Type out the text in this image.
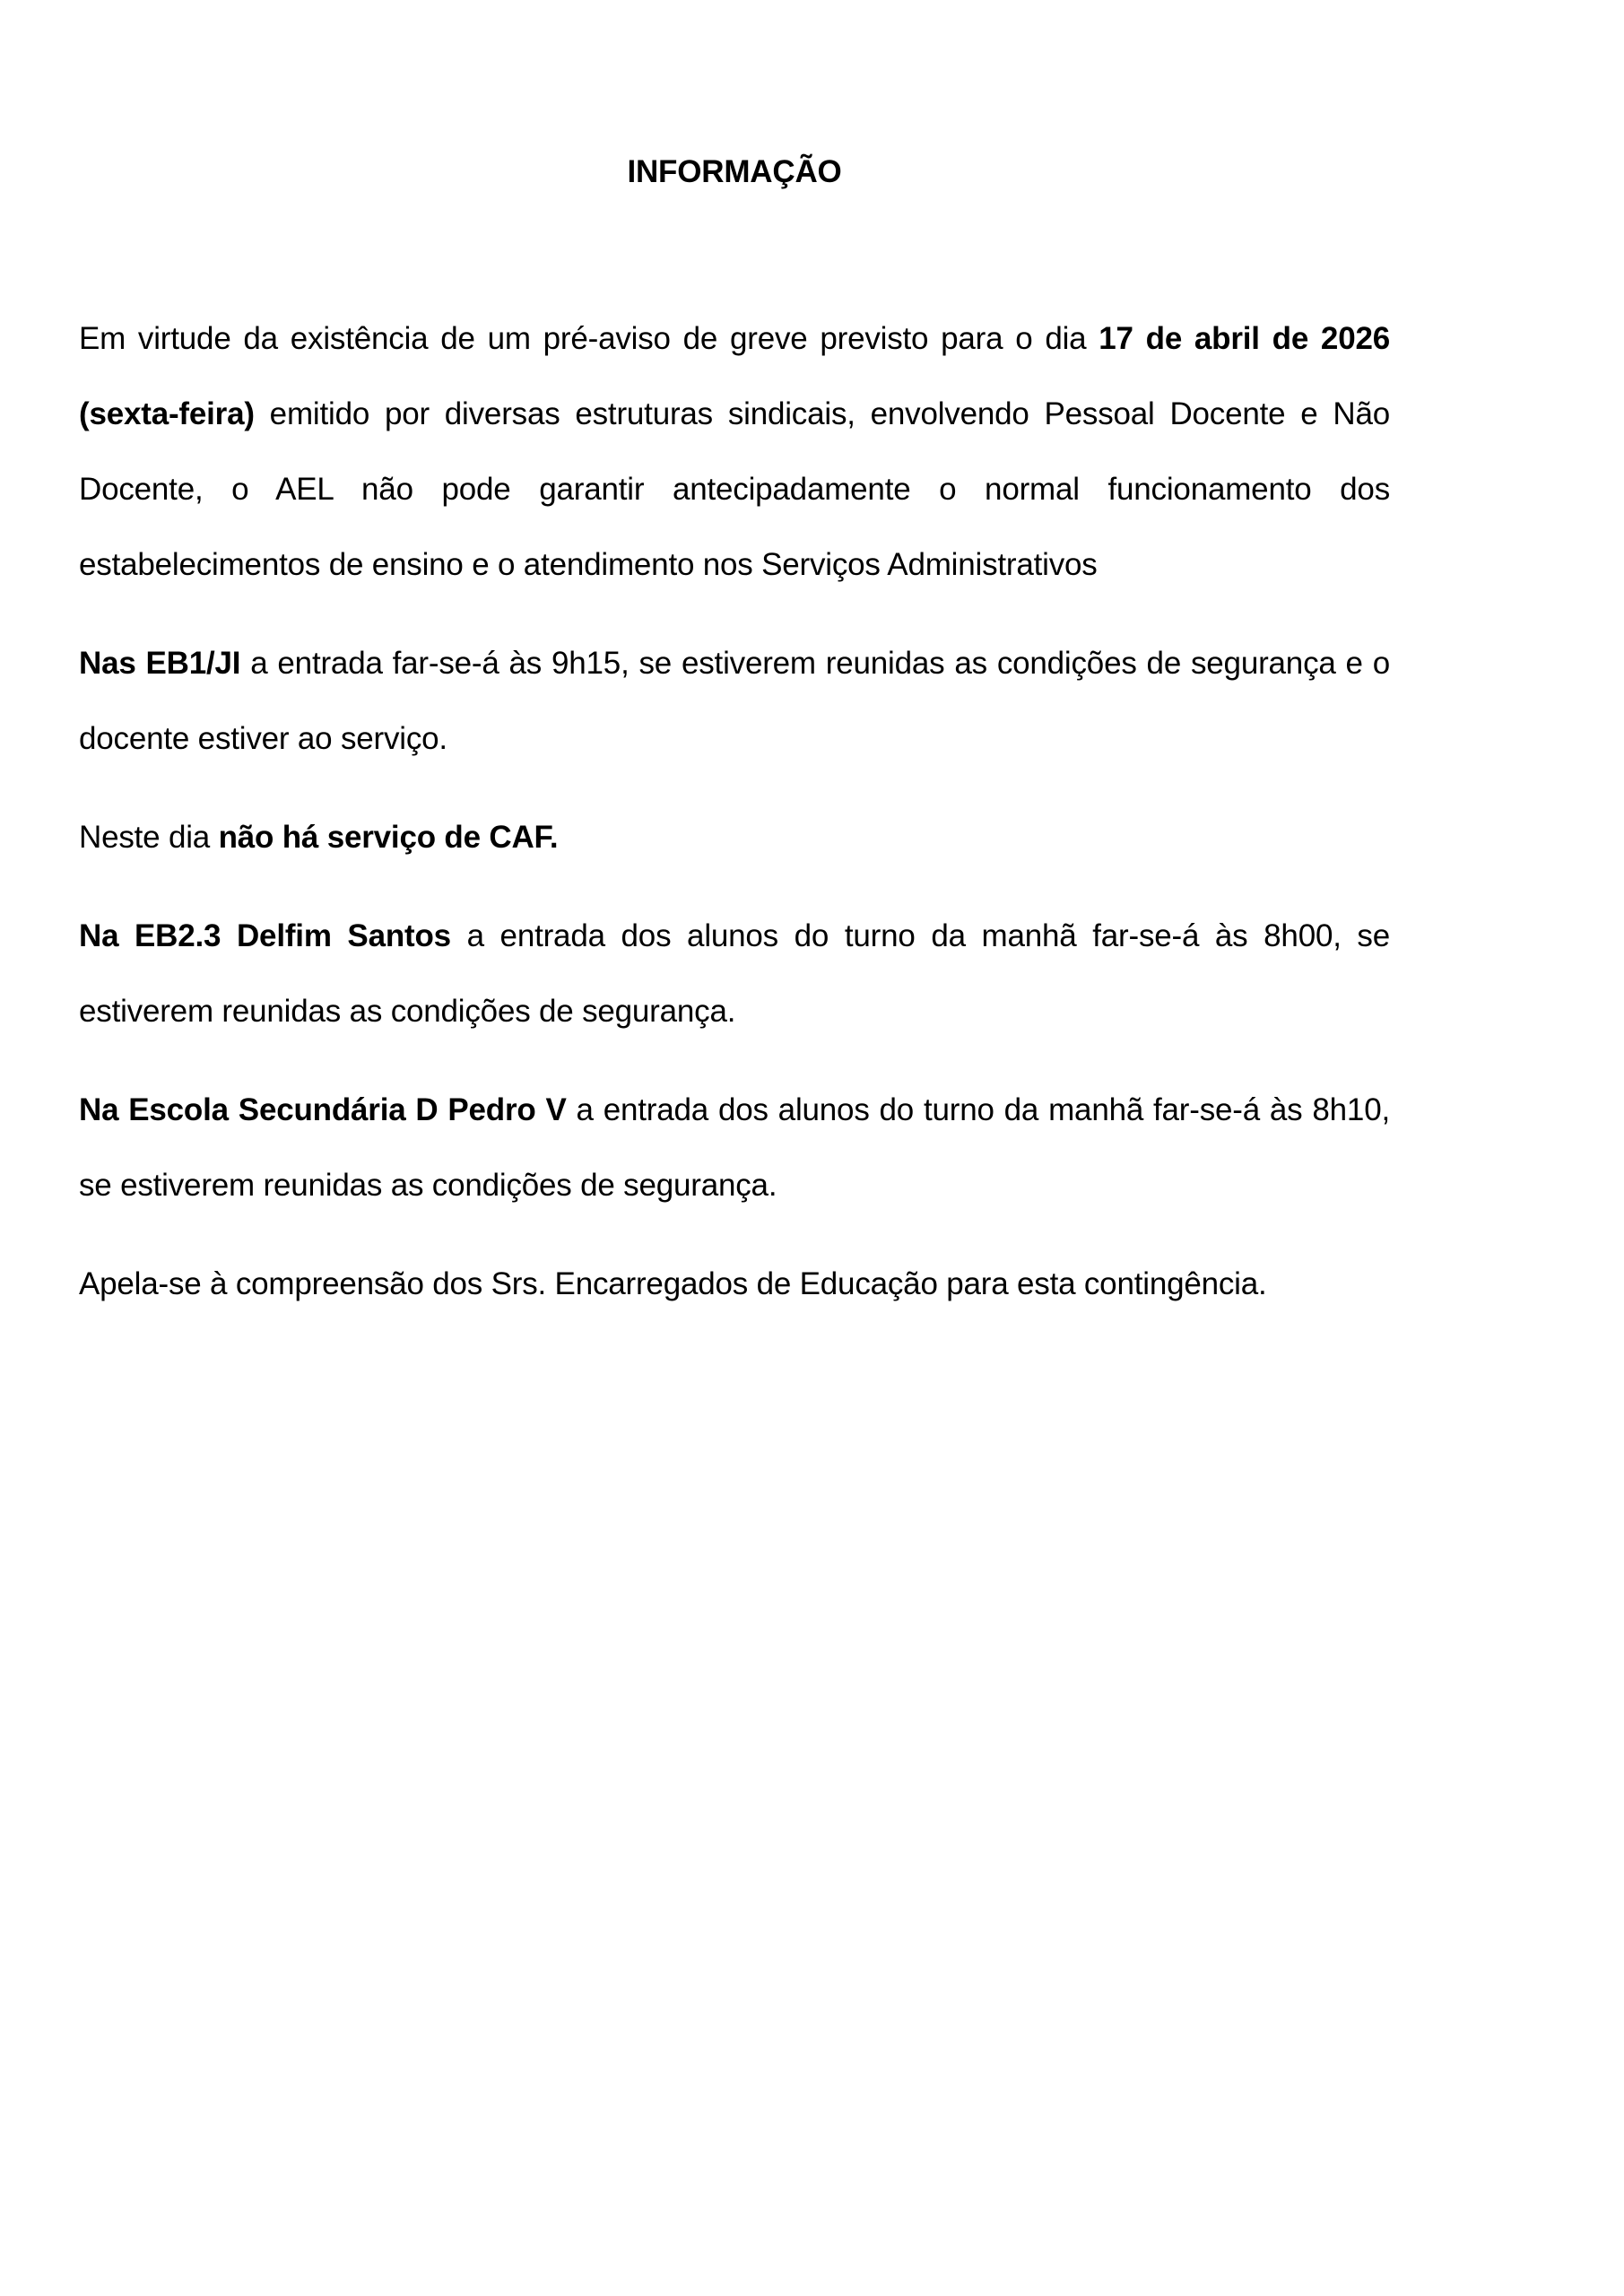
INFORMAÇÃO

Em virtude da existência de um pré-aviso de greve previsto para o dia 17 de abril de 2026 (sexta-feira) emitido por diversas estruturas sindicais, envolvendo Pessoal Docente e Não Docente, o AEL não pode garantir antecipadamente o normal funcionamento dos estabelecimentos de ensino e o atendimento nos Serviços Administrativos

Nas EB1/JI a entrada far-se-á às 9h15, se estiverem reunidas as condições de segurança e o docente estiver ao serviço.

Neste dia não há serviço de CAF.

Na EB2.3 Delfim Santos a entrada dos alunos do turno da manhã far-se-á às 8h00, se estiverem reunidas as condições de segurança.

Na Escola Secundária D Pedro V a entrada dos alunos do turno da manhã far-se-á às 8h10, se estiverem reunidas as condições de segurança.

Apela-se à compreensão dos Srs. Encarregados de Educação para esta contingência.
